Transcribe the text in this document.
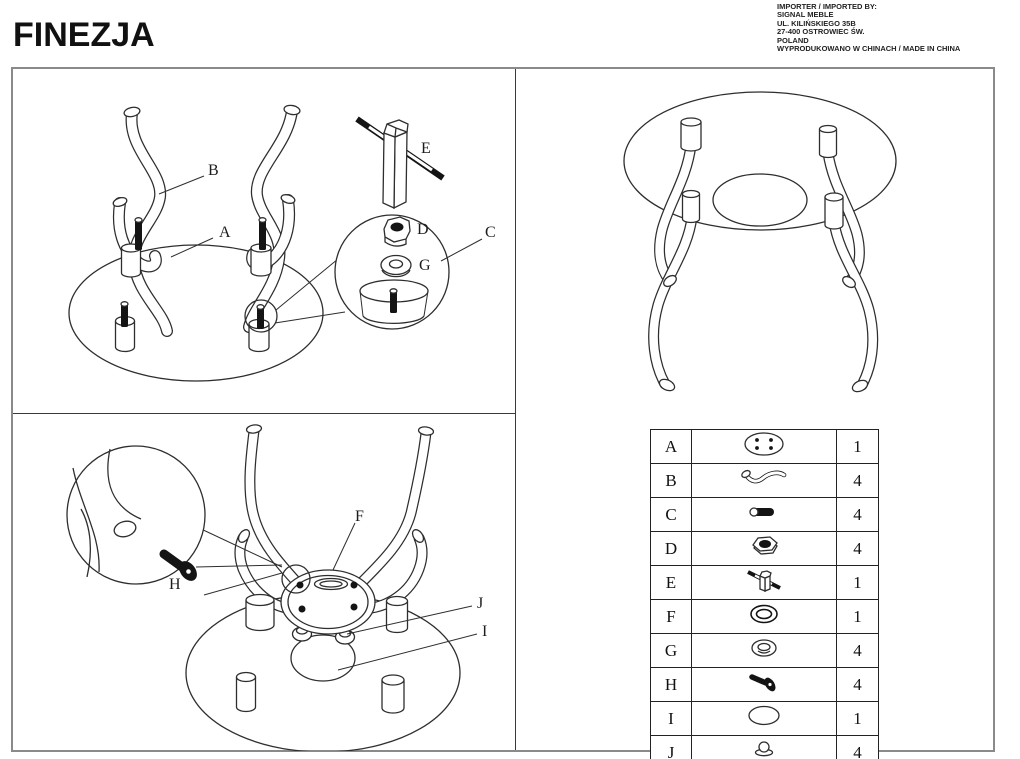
FINEZJA
IMPORTER / IMPORTED BY:
SIGNAL MEBLE
UL. KILIŃSKIEGO 35B
27-400 OSTROWIEC ŚW.
POLAND
WYPRODUKOWANO W CHINACH / MADE IN CHINA
B
A
E
D
G
C
H
F
J
I
A		1
B		4
C		4
D		4
E		1
F		1
G		4
H		4
I		1
J		4
